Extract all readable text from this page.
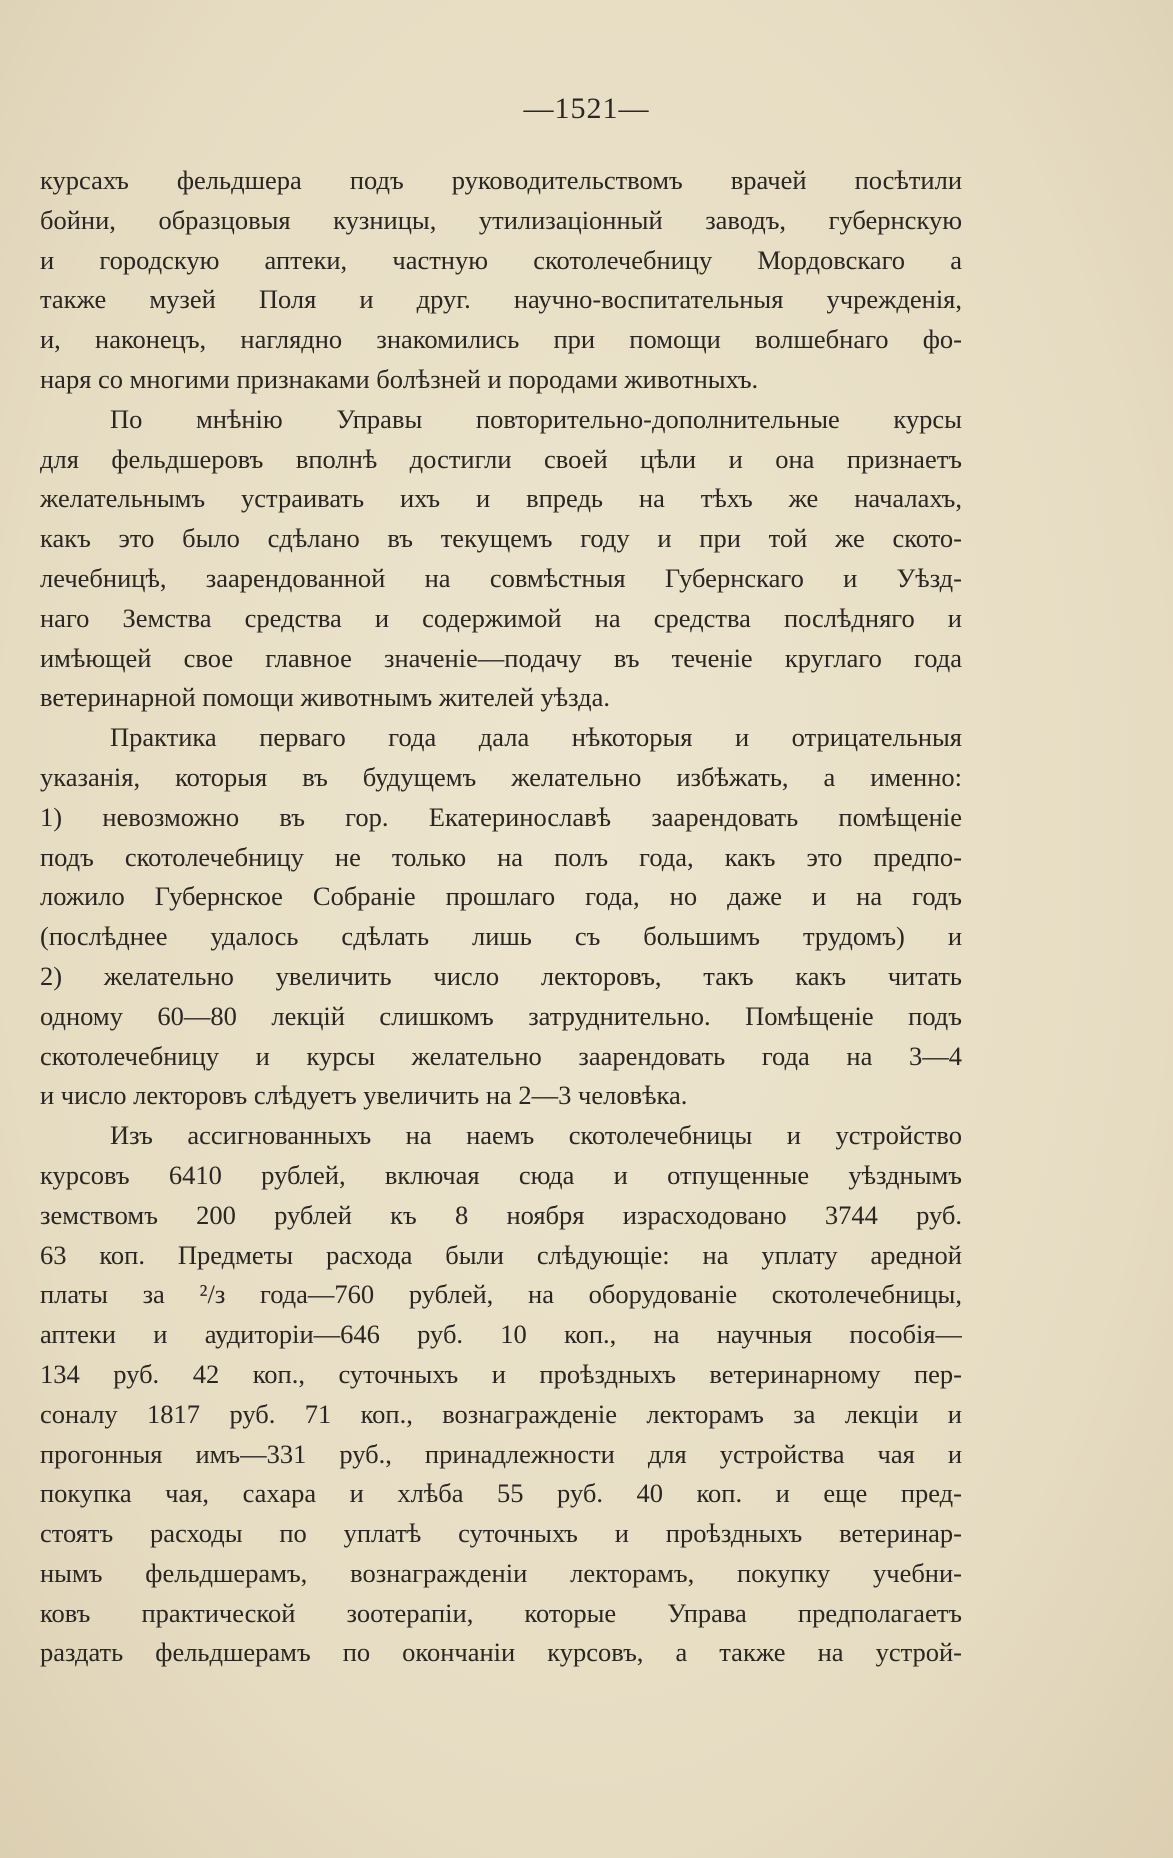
—1521—
курсахъ фельдшера подъ руководительствомъ врачей посѣтили
бойни, образцовыя кузницы, утилизаціонный заводъ, губернскую
и городскую аптеки, частную скотолечебницу Мордовскаго а
также музей Поля и друг. научно-воспитательныя учрежденія,
и, наконецъ, наглядно знакомились при помощи волшебнаго фо-
наря со многими признаками болѣзней и породами животныхъ.
По мнѣнію Управы повторительно-дополнительные курсы
для фельдшеровъ вполнѣ достигли своей цѣли и она признаетъ
желательнымъ устраивать ихъ и впредь на тѣхъ же началахъ,
какъ это было сдѣлано въ текущемъ году и при той же ското-
лечебницѣ, заарендованной на совмѣстныя Губернскаго и Уѣзд-
наго Земства средства и содержимой на средства послѣдняго и
имѣющей свое главное значеніе—подачу въ теченіе круглаго года
ветеринарной помощи животнымъ жителей уѣзда.
Практика перваго года дала нѣкоторыя и отрицательныя
указанія, которыя въ будущемъ желательно избѣжать, а именно:
1) невозможно въ гор. Екатеринославѣ заарендовать помѣщеніе
подъ скотолечебницу не только на полъ года, какъ это предпо-
ложило Губернское Собраніе прошлаго года, но даже и на годъ
(послѣднее удалось сдѣлать лишь съ большимъ трудомъ) и
2) желательно увеличить число лекторовъ, такъ какъ читать
одному 60—80 лекцій слишкомъ затруднительно. Помѣщеніе подъ
скотолечебницу и курсы желательно заарендовать года на 3—4
и число лекторовъ слѣдуетъ увеличить на 2—3 человѣка.
Изъ ассигнованныхъ на наемъ скотолечебницы и устройство
курсовъ 6410 рублей, включая сюда и отпущенные уѣзднымъ
земствомъ 200 рублей къ 8 ноября израсходовано 3744 руб.
63 коп. Предметы расхода были слѣдующіе: на уплату аредной
платы за ²/з года—760 рублей, на оборудованіе скотолечебницы,
аптеки и аудиторіи—646 руб. 10 коп., на научныя пособія—
134 руб. 42 коп., суточныхъ и проѣздныхъ ветеринарному пер-
соналу 1817 руб. 71 коп., вознагражденіе лекторамъ за лекціи и
прогонныя имъ—331 руб., принадлежности для устройства чая и
покупка чая, сахара и хлѣба 55 руб. 40 коп. и еще пред-
стоятъ расходы по уплатѣ суточныхъ и проѣздныхъ ветеринар-
нымъ фельдшерамъ, вознагражденіи лекторамъ, покупку учебни-
ковъ практической зоотерапіи, которые Управа предполагаетъ
раздать фельдшерамъ по окончаніи курсовъ, а также на устрой-
